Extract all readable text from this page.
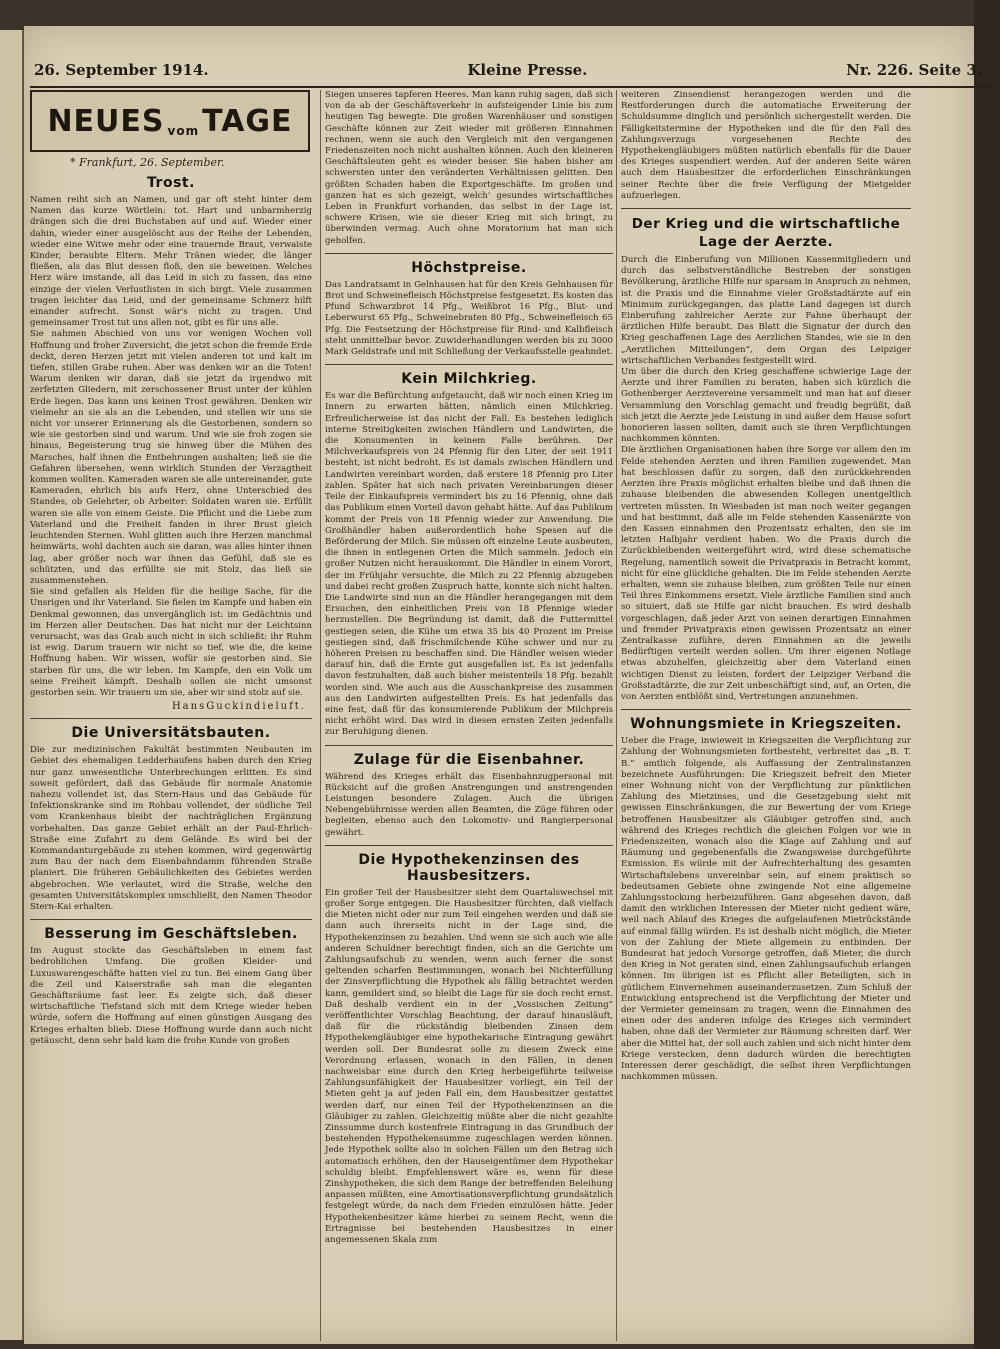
26. September 1914.	Kleine Presse.	Nr. 226. Seite 3.
NEUES vom TAGE
* Frankfurt, 26. September.
Trost.

Namen reiht sich an Namen, und gar oft steht hinter dem Namen das kurze Wörtlein: tot. Hart und unbarmherzig drängen sich die drei Buchstaben auf und auf. Wieder einer dahin, wieder einer ausgelöscht aus der Reihe der Lebenden, wieder eine Witwe mehr oder eine trauernde Braut, verwaiste Kinder, beraubte Eltern. Mehr Tränen wieder, die länger fließen, als das Blut dessen floß, den sie beweinen. Welches Herz wäre imstande, all das Leid in sich zu fassen, das eine einzige der vielen Verlustlisten in sich birgt. Viele zusammen tragen leichter das Leid, und der gemeinsame Schmerz hilft einander aufrecht. Sonst wär's nicht zu tragen. Und gemeinsamer Trost tut uns allen not, gibt es für uns alle.

Sie nahmen Abschied von uns vor wenigen Wochen voll Hoffnung und froher Zuversicht, die jetzt schon die fremde Erde deckt, deren Herzen jetzt mit vielen anderen tot und kalt im tiefen, stillen Grabe ruhen. Aber was denken wir an die Toten! Warum denken wir daran, daß sie jetzt da irgendwo mit zerfetzten Gliedern, mit zerschossener Brust unter der kühlen Erde liegen. Das kann uns keinen Trost gewähren. Denken wir vielmehr an sie als an die Lebenden, und stellen wir uns sie nicht vor unserer Erinnerung als die Gestorbenen, sondern so wie sie gestorben sind und warum. Und wie sie froh zogen sie hinaus, Begeisterung trug sie hinweg über die Mühen des Marsches, half ihnen die Entbehrungen aushalten; ließ sie die Gefahren übersehen, wenn wirklich Stunden der Verzagtheit kommen wollten. Kameraden waren sie alle untereinander, gute Kameraden, ehrlich bis aufs Herz, ohne Unterschied des Standes, ob Gelehrter, ob Arbeiter: Soldaten waren sie. Erfüllt waren sie alle von einem Geiste. Die Pflicht und die Liebe zum Vaterland und die Freiheit fanden in ihrer Brust gleich leuchtenden Sternen. Wohl glitten auch ihre Herzen manchmal heimwärts, wohl dachten auch sie daran, was alles hinter ihnen lag, aber größer noch war ihnen das Gefühl, daß sie es schützten, und das erfüllte sie mit Stolz, das ließ sie zusammenstehen.

Sie sind gefallen als Helden für die heilige Sache, für die Unsrigen und ihr Vaterland. Sie fielen im Kampfe und haben ein Denkmal gewonnen, das unvergänglich ist: im Gedächtnis und im Herzen aller Deutschen. Das hat nicht nur der Leichtsinn verursacht, was das Grab auch nicht in sich schließt: ihr Ruhm ist ewig. Darum trauern wir nicht so tief, wie die, die keine Hoffnung haben. Wir wissen, wofür sie gestorben sind. Sie starben für uns, die wir leben. Im Kampfe, den ein Volk um seine Freiheit kämpft. Deshalb sollen sie nicht umsonst gestorben sein. Wir trauern um sie, aber wir sind stolz auf sie.

HansGuckindieluft.

Die Universitätsbauten.

Die zur medizinischen Fakultät bestimmten Neubauten im Gebiet des ehemaligen Ledderhaufens haben durch den Krieg nur ganz unwesentliche Unterbrechungen erlitten. Es sind soweit gefördert, daß das Gebäude für normale Anatomie nahezu vollendet ist, das Stern-Haus und das Gebäude für Infektionskranke sind im Rohbau vollendet, der südliche Teil vom Krankenhaus bleibt der nachträglichen Ergänzung vorbehalten. Das ganze Gebiet erhält an der Paul-Ehrlich-Straße eine Zufahrt zu dem Gelände. Es wird bei der Kommandanturgebäude zu stehen kommen, wird gegenwärtig zum Bau der nach dem Eisenbahndamm führenden Straße planiert. Die früheren Gebäulichkeiten des Gebietes werden abgebrochen. Wie verlautet, wird die Straße, welche den gesamten Universitätskomplex umschließt, den Namen Theodor Stern-Kai erhalten.

Besserung im Geschäftsleben.

Im August stockte das Geschäftsleben in einem fast bedrohlichen Umfang. Die großen Kleider- und Luxuswarengeschäfte hatten viel zu tun. Bei einem Gang über die Zeil und Kaiserstraße sah man die eleganten Geschäftsräume fast leer. Es zeigte sich, daß dieser wirtschaftliche Tiefstand sich mit dem Kriege wieder heben würde, sofern die Hoffnung auf einen günstigen Ausgang des Krieges erhalten blieb. Diese Hoffnung wurde dann auch nicht getäuscht, denn sehr bald kam die frohe Kunde von großen

Siegen unseres tapferen Heeres. Man kann ruhig sagen, daß sich von da ab der Geschäftsverkehr in aufsteigender Linie bis zum heutigen Tag bewegte. Die großen Warenhäuser und sonstigen Geschäfte können zur Zeit wieder mit größeren Einnahmen rechnen, wenn sie auch den Vergleich mit den vergangenen Friedenszeiten noch nicht aushalten können. Auch den kleineren Geschäftsleuten geht es wieder besser. Sie haben bisher am schwersten unter den veränderten Verhältnissen gelitten. Den größten Schaden haben die Exportgeschäfte. Im großen und ganzen hat es sich gezeigt, welch' gesundes wirtschaftliches Leben in Frankfurt vorhanden, das selbst in der Lage ist, schwere Krisen, wie sie dieser Krieg mit sich bringt, zu überwinden vermag. Auch ohne Moratorium hat man sich geholfen.

Höchstpreise.

Das Landratsamt in Gelnhausen hat für den Kreis Gelnhausen für Brot und Schweinefleisch Höchstpreise festgesetzt. Es kosten das Pfund Schwarzbrot 14 Pfg., Weißbrot 16 Pfg., Blut- und Leberwurst 65 Pfg., Schweinebraten 80 Pfg., Schweinefleisch 65 Pfg. Die Festsetzung der Höchstpreise für Rind- und Kalbfleisch steht unmittelbar bevor. Zuwiderhandlungen werden bis zu 3000 Mark Geldstrafe und mit Schließung der Verkaufsstelle geahndet.

Kein Milchkrieg.

Es war die Befürchtung aufgetaucht, daß wir noch einen Krieg im Innern zu erwarten hätten, nämlich einen Milchkrieg. Erfreulicherweise ist das nicht der Fall. Es bestehen lediglich interne Streitigkeiten zwischen Händlern und Landwirten, die die Konsumenten in keinem Falle berühren. Der Milchverkaufspreis von 24 Pfennig für den Liter, der seit 1911 besteht, ist nicht bedroht. Es ist damals zwischen Händlern und Landwirten vereinbart worden, daß erstere 18 Pfennig pro Liter zahlen. Später hat sich nach privaten Vereinbarungen dieser Teile der Einkaufspreis vermindert bis zu 16 Pfennig, ohne daß das Publikum einen Vorteil davon gehabt hätte. Auf das Publikum kommt der Preis von 18 Pfennig wieder zur Anwendung. Die Großhändler haben außerordentlich hohe Spesen auf die Beförderung der Milch. Sie müssen oft einzelne Leute ausbeuten, die ihnen in entlegenen Orten die Milch sammeln. Jedoch ein großer Nutzen nicht herauskommt. Die Händler in einem Vorort, der im Frühjahr versuchte, die Milch zu 22 Pfennig abzugeben und dabei recht großen Zuspruch hatte, konnte sich nicht halten. Die Landwirte sind nun an die Händler herangegangen mit dem Ersuchen, den einheitlichen Preis von 18 Pfennige wieder herzustellen. Die Begründung ist damit, daß die Futtermittel gestiegen seien, die Kühe um etwa 35 bis 40 Prozent im Preise gestiegen sind, daß frischmilchende Kühe schwer und nur zu höheren Preisen zu beschaffen sind. Die Händler weisen wieder darauf hin, daß die Ernte gut ausgefallen ist. Es ist jedenfalls davon festzuhalten, daß auch bisher meistenteils 18 Pfg. bezahlt worden sind. Wie auch aus die Ausschankpreise des zusammen aus den Landwirten aufgestellten Preis. Es hat jedenfalls das eine fest, daß für das konsumierende Publikum der Milchpreis nicht erhöht wird. Das wird in diesen ernsten Zeiten jedenfalls zur Beruhigung dienen.

Zulage für die Eisenbahner.

Während des Krieges erhält das Eisenbahnzugpersonal mit Rücksicht auf die großen Anstrengungen und anstrengenden Leistungen besondere Zulagen. Auch die übrigen Nebengebührnisse werden allen Beamten, die Züge führen oder begleiten, ebenso auch den Lokomotiv- und Rangierpersonal gewährt.

Die Hypothekenzinsen des Hausbesitzers.

Ein großer Teil der Hausbesitzer sieht dem Quartalswechsel mit großer Sorge entgegen. Die Hausbesitzer fürchten, daß vielfach die Mieten nicht oder nur zum Teil eingehen werden und daß sie dann auch ihrerseits nicht in der Lage sind, die Hypothekenzinsen zu bezahlen. Und wenn sie sich auch wie alle anderen Schuldner berechtigt finden, sich an die Gerichte um Zahlungsaufschub zu wenden, wenn auch ferner die sonst geltenden scharfen Bestimmungen, wonach bei Nichterfüllung der Zinsverpflichtung die Hypothek als fällig betrachtet werden kann, gemildert sind, so bleibt die Lage für sie doch recht ernst. Daß deshalb verdient ein in der „Vossischen Zeitung“ veröffentlichter Vorschlag Beachtung, der darauf hinausläuft, daß für die rückständig bleibenden Zinsen dem Hypothekengläubiger eine hypothekarische Eintragung gewährt werden soll. Der Bundesrat solle zu diesem Zweck eine Verordnung erlassen, wonach in den Fällen, in denen nachweisbar eine durch den Krieg herbeigeführte teilweise Zahlungsunfähigkeit der Hausbesitzer vorliegt, ein Teil der Mieten geht ja auf jeden Fall ein, dem Hausbesitzer gestattet werden darf, nur einen Teil der Hypothekenzinsen an die Gläubiger zu zahlen. Gleichzeitig müßte aber die nicht gezahlte Zinssumme durch kostenfreie Eintragung in das Grundbuch der bestehenden Hypothekensumme zugeschlagen werden können. Jede Hypothek sollte also in solchen Fällen um den Betrag sich automatisch erhöhen, den der Hauseigentümer dem Hypothekar schuldig bleibt. Empfehlenswert wäre es, wenn für diese Zinshypotheken, die sich dem Range der betreffenden Beleihung anpassen müßten, eine Amortisationsverpflichtung grundsätzlich festgelegt würde, da nach dem Frieden einzulösen hätte. Jeder Hypothekenbesitzer käme hierbei zu seinem Recht, wenn die Ertragnisse bei bestehenden Hausbesitzes in einer angemessenen Skala zum

weiteren Zinsendienst herangezogen werden und die Restforderungen durch die automatische Erweiterung der Schuldsumme dinglich und persönlich sichergestellt werden. Die Fälligkeitstermine der Hypotheken und die für den Fall des Zahlungsverzugs vorgesehenen Rechte des Hypothekengläubigers müßten natürlich ebenfalls für die Dauer des Krieges suspendiert werden. Auf der anderen Seite wären auch dem Hausbesitzer die erforderlichen Einschränkungen seiner Rechte über die freie Verfügung der Mietgelder aufzuerlegen.

Der Krieg und die wirtschaftliche Lage der Aerzte.

Durch die Einberufung von Millionen Kassenmitgliedern und durch das selbstverständliche Bestreben der sonstigen Bevölkerung, ärztliche Hilfe nur sparsam in Anspruch zu nehmen, ist die Praxis und die Einnahme vieler Großstadtärzte auf ein Minimum zurückgegangen, das platte Land dagegen ist durch Einberufung zahlreicher Aerzte zur Fahne überhaupt der ärztlichen Hilfe beraubt. Das Blatt die Signatur der durch den Krieg geschaffenen Lage des Aerzlichen Standes, wie sie in den „Aerztlichen Mitteilungen“, dem Organ des Leipziger wirtschaftlichen Verbandes festgestellt wird.

Um über die durch den Krieg geschaffene schwierige Lage der Aerzte und ihrer Familien zu beraten, haben sich kürzlich die Gothenberger Aerztevereine versammelt und man hat auf dieser Versammlung den Vorschlag gemacht und freudig begrüßt, daß sich jetzt die Aerzte jede Leistung in und außer dem Hause sofort honorieren lassen sollten, damit auch sie ihren Verpflichtungen nachkommen könnten.

Die ärztlichen Organisationen haben ihre Sorge vor allem den im Felde stehenden Aerzten und ihren Familien zugewendet. Man hat beschlossen dafür zu sorgen, daß den zurückkehrenden Aerzten ihre Praxis möglichst erhalten bleibe und daß ihnen die zuhause bleibenden die abwesenden Kollegen unentgeltlich vertreten müssten. In Wiesbaden ist man noch weiter gegangen und hat bestimmt, daß alle im Felde stehenden Kassenärzte von den Kassen einnahmen den Prozentsatz erhalten, den sie im letzten Halbjahr verdient haben. Wo die Praxis durch die Zurückbleibenden weitergeführt wird, wird diese schematische Regelung, namentlich soweit die Privatpraxis in Betracht kommt, nicht für eine glückliche gehalten. Die im Felde stehenden Aerzte erhalten, wenn sie zuhause bleiben, zum größten Teile nur einen Teil ihres Einkommens ersetzt. Viele ärztliche Familien sind auch so situiert, daß sie Hilfe gar nicht brauchen. Es wird deshalb vorgeschlagen, daß jeder Arzt von seinen derartigen Einnahmen und fremder Privatpraxis einen gewissen Prozentsatz an einer Zentralkasse zuführe, deren Einnahmen an die jeweils Bedürftigen verteilt werden sollen. Um ihrer eigenen Notlage etwas abzuhelfen, gleichzeitig aber dem Vaterland einen wichtigen Dienst zu leisten, fordert der Leipziger Verband die Großstadtärzte, die zur Zeit unbeschäftigt sind, auf, an Orten, die von Aerzten entblößt sind, Vertretungen anzunehmen.

Wohnungsmiete in Kriegszeiten.

Ueber die Frage, inwieweit in Kriegszeiten die Verpflichtung zur Zahlung der Wohnungsmieten fortbesteht, verbreitet das „B. T. B.“ amtlich folgende, als Auffassung der Zentralinstanzen bezeichnete Ausführungen: Die Kriegszeit befreit den Mieter einer Wohnung nicht von der Verpflichtung zur pünktlichen Zahlung des Mietzinses, und die Gesetzgebung sieht mit gewissen Einschränkungen, die zur Bewertung der vom Kriege betroffenen Hausbesitzer als Gläubiger getroffen sind, auch während des Krieges rechtlich die gleichen Folgen vor wie in Friedenszeiten, wonach also die Klage auf Zahlung und auf Räumung und gegebenenfalls die Zwangsweise durchgeführte Exmission. Es würde mit der Aufrechterhaltung des gesamten Wirtschaftslebens unvereinbar sein, auf einem praktisch so bedeutsamen Gebiete ohne zwingende Not eine allgemeine Zahlungsstockung herbeizuführen. Ganz abgesehen davon, daß damit den wirklichen Interessen der Mieter nicht gedient wäre, weil nach Ablauf des Krieges die aufgelaufenen Mietrückstände auf einmal fällig würden. Es ist deshalb nicht möglich, die Mieter von der Zahlung der Miete allgemein zu entbinden. Der Bundesrat hat jedoch Vorsorge getroffen, daß Mieter, die durch den Krieg in Not geraten sind, einen Zahlungsaufschub erlangen können. Im übrigen ist es Pflicht aller Beteiligten, sich in gütlichem Einvernehmen auseinanderzusetzen. Zum Schluß der Entwicklung entsprechend ist die Verpflichtung der Mieter und der Vermieter gemeinsam zu tragen, wenn die Einnahmen des einen oder des anderen infolge des Krieges sich vermindert haben, ohne daß der Vermieter zur Räumung schreiten darf. Wer aber die Mittel hat, der soll auch zahlen und sich nicht hinter dem Kriege verstecken, denn dadurch würden die berechtigten Interessen derer geschädigt, die selbst ihren Verpflichtungen nachkommen müssen.
